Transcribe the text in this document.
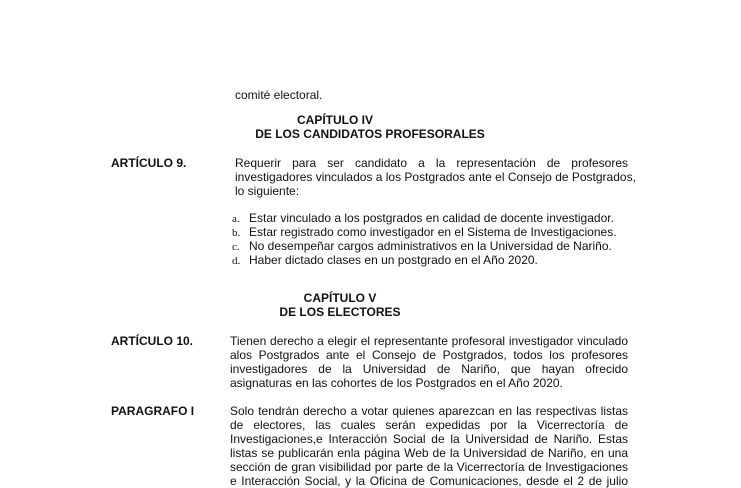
comité electoral.
CAPÍTULO IV
DE LOS CANDIDATOS PROFESORALES
ARTÍCULO 9.	Requerir para ser candidato a la representación de profesores
investigadores vinculados a los Postgrados ante el Consejo de Postgrados,
lo siguiente:
a. Estar vinculado a los postgrados en calidad de docente investigador.
b. Estar registrado como investigador en el Sistema de Investigaciones.
c. No desempeñar cargos administrativos en la Universidad de Nariño.
d. Haber dictado clases en un postgrado en el Año 2020.
CAPÍTULO V
DE LOS ELECTORES
ARTÍCULO 10.	Tienen derecho a elegir el representante profesoral investigador vinculado
alos Postgrados ante el Consejo de Postgrados, todos los profesores
investigadores de la Universidad de Nariño, que hayan ofrecido
asignaturas en las cohortes de los Postgrados en el Año 2020.
PARAGRAFO I	Solo tendrán derecho a votar quienes aparezcan en las respectivas listas
de electores, las cuales serán expedidas por la Vicerrectoría de
Investigaciones,e Interacción Social de la Universidad de Nariño. Estas
listas se publicarán enla página Web de la Universidad de Nariño, en una
sección de gran visibilidad por parte de la Vicerrectoría de Investigaciones
e Interacción Social, y la Oficina de Comunicaciones, desde el 2 de julio
